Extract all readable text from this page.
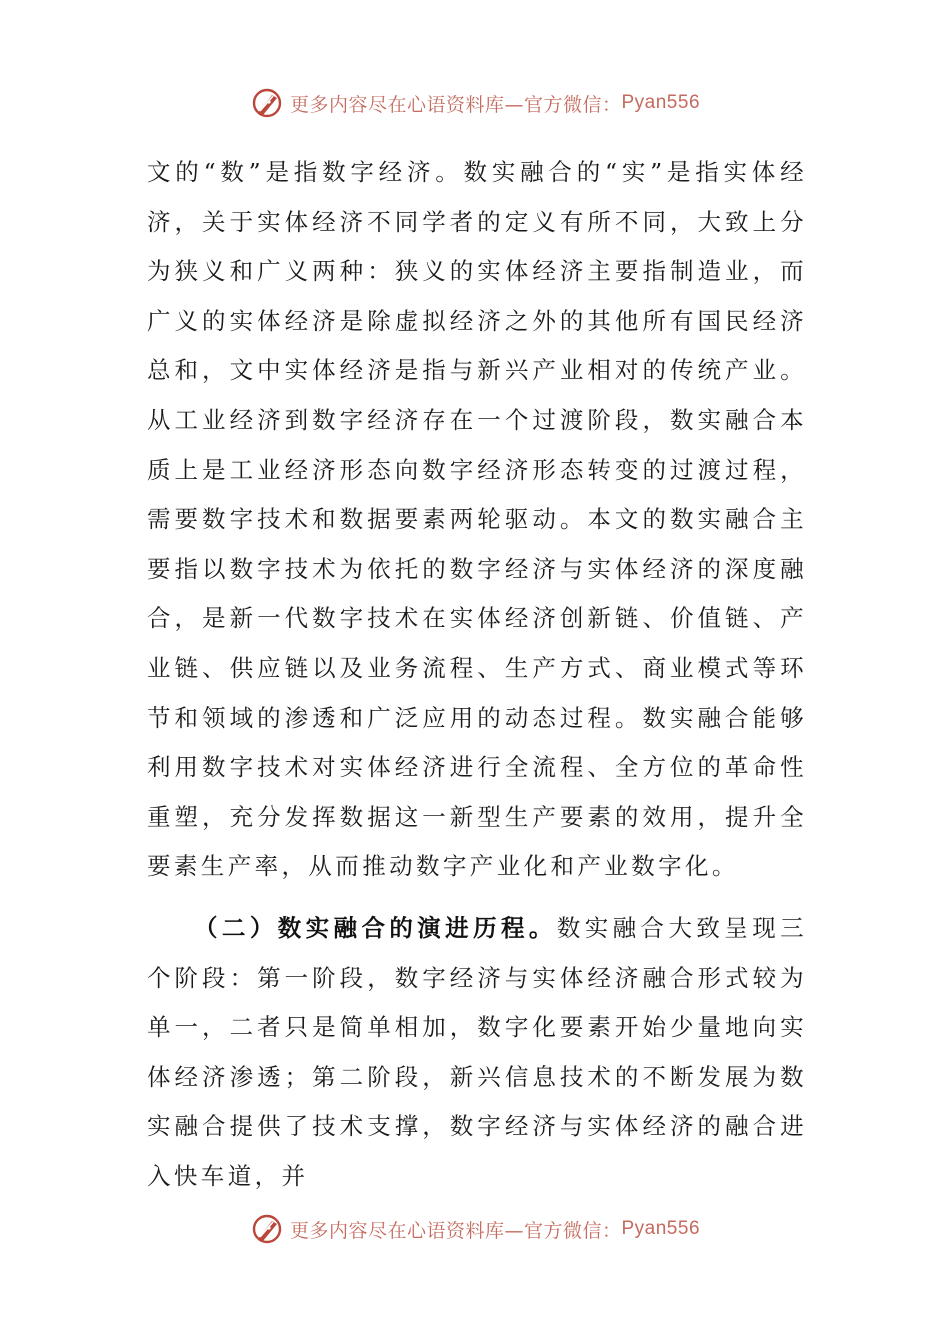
更多内容尽在心语资料库—官方微信： Pyan556

文的“数”是指数字经济。数实融合的“实”是指实体经济，关于实体经济不同学者的定义有所不同，大致上分为狭义和广义两种：狭义的实体经济主要指制造业，而广义的实体经济是除虚拟经济之外的其他所有国民经济总和，文中实体经济是指与新兴产业相对的传统产业。从工业经济到数字经济存在一个过渡阶段，数实融合本质上是工业经济形态向数字经济形态转变的过渡过程，需要数字技术和数据要素两轮驱动。本文的数实融合主要指以数字技术为依托的数字经济与实体经济的深度融合，是新一代数字技术在实体经济创新链、价值链、产业链、供应链以及业务流程、生产方式、商业模式等环节和领域的渗透和广泛应用的动态过程。数实融合能够利用数字技术对实体经济进行全流程、全方位的革命性重塑，充分发挥数据这一新型生产要素的效用，提升全要素生产率，从而推动数字产业化和产业数字化。

（二）数实融合的演进历程。数实融合大致呈现三个阶段：第一阶段，数字经济与实体经济融合形式较为单一，二者只是简单相加，数字化要素开始少量地向实体经济渗透；第二阶段，新兴信息技术的不断发展为数实融合提供了技术支撑，数字经济与实体经济的融合进入快车道，并

更多内容尽在心语资料库—官方微信： Pyan556
